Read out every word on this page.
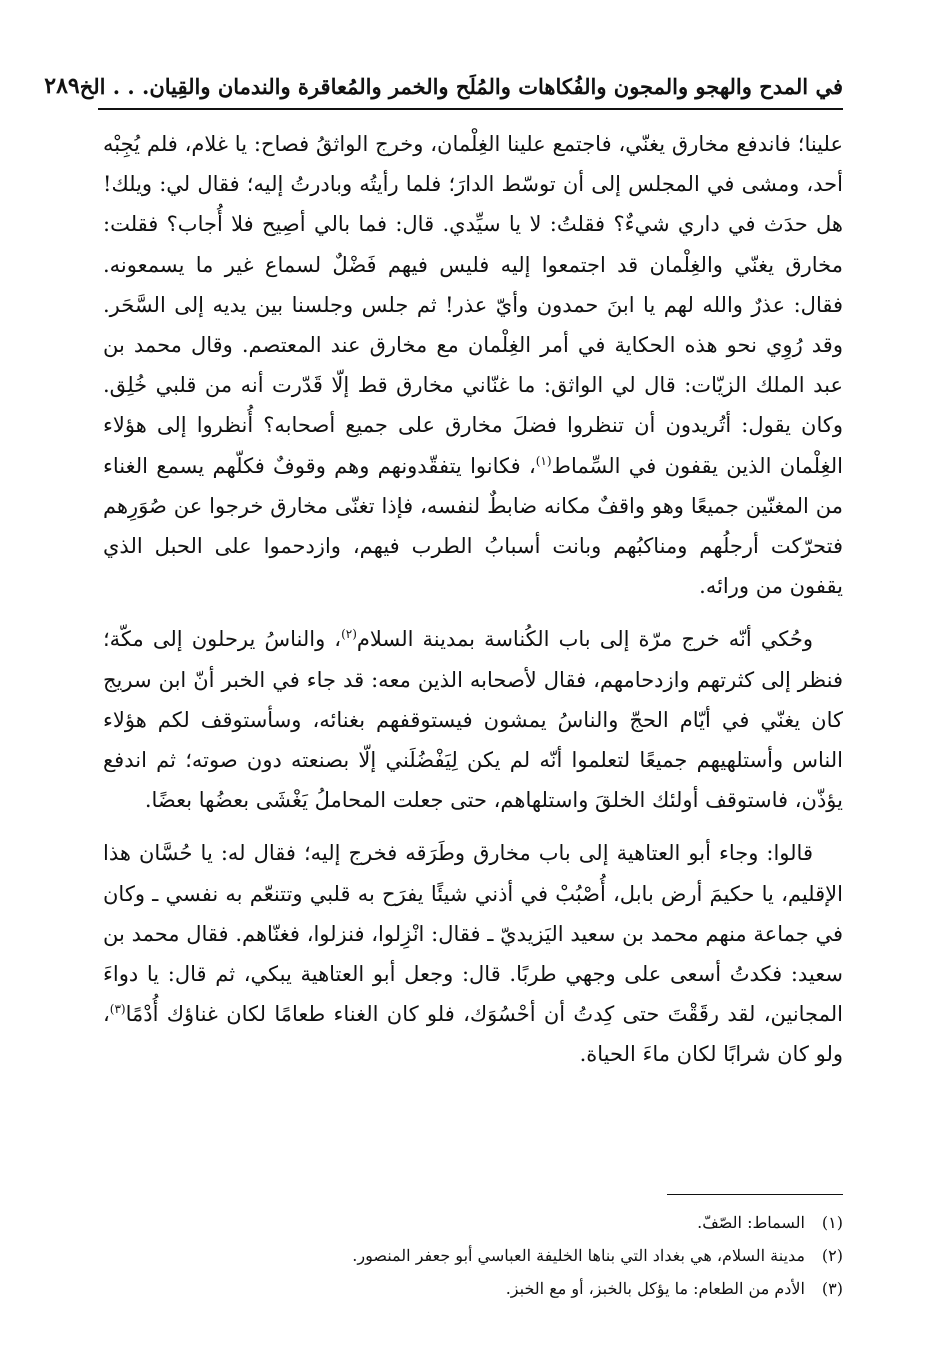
في المدح والهجو والمجون والفُكاهات والمُلَح والخمر والمُعاقرة والندمان والقِيان. . . الخ
٢٨٩

علينا؛ فاندفع مخارق يغنّي، فاجتمع علينا الغِلْمان، وخرج الواثقُ فصاح: يا غلام، فلم يُجِبْه أحد، ومشى في المجلس إلى أن توسّط الدارَ؛ فلما رأيتُه وبادرتُ إليه؛ فقال لي: ويلك! هل حدَث في داري شيءٌ؟ فقلتُ: لا يا سيِّدي. قال: فما بالي أصِيح فلا أُجاب؟ فقلت: مخارق يغنّي والغِلْمان قد اجتمعوا إليه فليس فيهم فَضْلٌ لسماع غير ما يسمعونه. فقال: عذرٌ والله لهم يا ابنَ حمدون وأيّ عذر! ثم جلس وجلسنا بين يديه إلى السَّحَر. وقد رُوِي نحو هذه الحكاية في أمر الغِلْمان مع مخارق عند المعتصم. وقال محمد بن عبد الملك الزيّات: قال لي الواثق: ما غنّاني مخارق قط إلّا قَدّرت أنه من قلبي خُلِق. وكان يقول: أتُريدون أن تنظروا فضلَ مخارق على جميع أصحابه؟ أُنظروا إلى هؤلاء الغِلْمان الذين يقفون في السِّماط$^{(١)}$، فكانوا يتفقّدونهم وهم وقوفٌ فكلّهم يسمع الغناء من المغنّين جميعًا وهو واقفٌ مكانه ضابطٌ لنفسه، فإذا تغنّى مخارق خرجوا عن صُوَرِهم فتحرّكت أرجلُهم ومناكبُهم وبانت أسبابُ الطرب فيهم، وازدحموا على الحبل الذي يقفون من ورائه.

وحُكي أنّه خرج مرّة إلى باب الكُناسة بمدينة السلام$^{(٢)}$، والناسُ يرحلون إلى مكّة؛ فنظر إلى كثرتهم وازدحامهم، فقال لأصحابه الذين معه: قد جاء في الخبر أنّ ابن سريج كان يغنّي في أيّام الحجّ والناسُ يمشون فيستوقفهم بغنائه، وسأستوقف لكم هؤلاء الناس وأستلهيهم جميعًا لتعلموا أنّه لم يكن لِيَفْضُلَني إلّا بصنعته دون صوته؛ ثم اندفع يؤذّن، فاستوقف أولئك الخلقَ واستلهاهم، حتى جعلت المحاملُ يَغْشَى بعضُها بعضًا.

قالوا: وجاء أبو العتاهية إلى باب مخارق وطَرَقه فخرج إليه؛ فقال له: يا حُسَّان هذا الإقليم، يا حكيمَ أرض بابل، أُصْبُبْ في أذني شيئًا يفرَح به قلبي وتتنعّم به نفسي ـ وكان في جماعة منهم محمد بن سعيد اليَزيديّ ـ فقال: انْزِلوا، فنزلوا، فغنّاهم. فقال محمد بن سعيد: فكدتُ أسعى على وجهي طربًا. قال: وجعل أبو العتاهية يبكي، ثم قال: يا دواءَ المجانين، لقد رقَقْتَ حتى كِدتُ أن أحْسُوَك، فلو كان الغناء طعامًا لكان غناؤك أُدْمًا$^{(٣)}$، ولو كان شرابًا لكان ماءَ الحياة.

(١)
السماط: الصّفّ.
(٢)
مدينة السلام، هي بغداد التي بناها الخليفة العباسي أبو جعفر المنصور.
(٣)
الأدم من الطعام: ما يؤكل بالخبز، أو مع الخبز.
